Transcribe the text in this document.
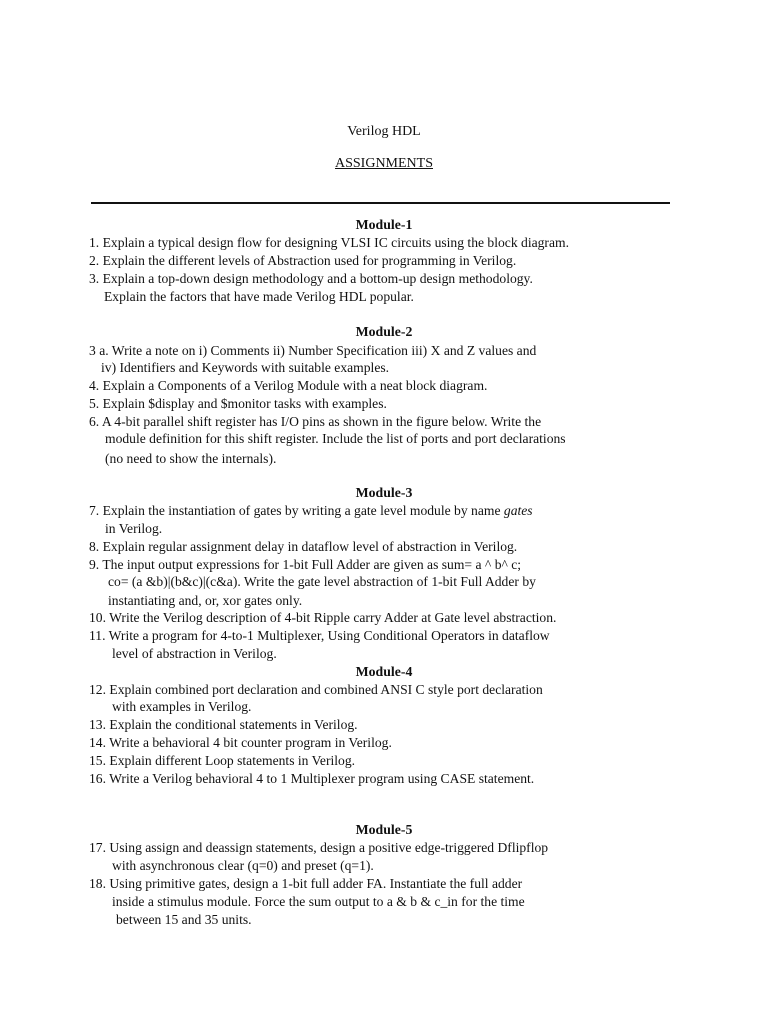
Verilog HDL
ASSIGNMENTS
Module-1
1. Explain a typical design flow for designing VLSI IC circuits using the block diagram.
2. Explain the different levels of Abstraction used for programming in Verilog.
3. Explain a top-down design methodology and a bottom-up design methodology.
Explain the factors that have made Verilog HDL popular.
Module-2
3 a. Write a note on i) Comments ii) Number Specification iii) X and Z values and
iv) Identifiers and Keywords with suitable examples.
4. Explain a Components of a Verilog Module with a neat block diagram.
5. Explain $display and $monitor tasks with examples.
6. A 4-bit parallel shift register has I/O pins as shown in the figure below. Write the
module definition for this shift register. Include the list of ports and port declarations
(no need to show the internals).
Module-3
7. Explain the instantiation of gates by writing a gate level module by name gates
in Verilog.
8. Explain regular assignment delay in dataflow level of abstraction in Verilog.
9. The input output expressions for 1-bit Full Adder are given as sum= a ^ b^ c;
co= (a &b)|(b&c)|(c&a). Write the gate level abstraction of 1-bit Full Adder by
instantiating and, or, xor gates only.
10. Write the Verilog description of 4-bit Ripple carry Adder at Gate level abstraction.
11. Write a program for 4-to-1 Multiplexer, Using Conditional Operators in dataflow
level of abstraction in Verilog.
Module-4
12. Explain combined port declaration and combined ANSI C style port declaration
with examples in Verilog.
13. Explain the conditional statements in Verilog.
14. Write a behavioral 4 bit counter program in Verilog.
15. Explain different Loop statements in Verilog.
16. Write a Verilog behavioral 4 to 1 Multiplexer program using CASE statement.
Module-5
17. Using assign and deassign statements, design a positive edge-triggered Dflipflop
with asynchronous clear (q=0) and preset (q=1).
18. Using primitive gates, design a 1-bit full adder FA. Instantiate the full adder
inside a stimulus module. Force the sum output to a & b & c_in for the time
between 15 and 35 units.
